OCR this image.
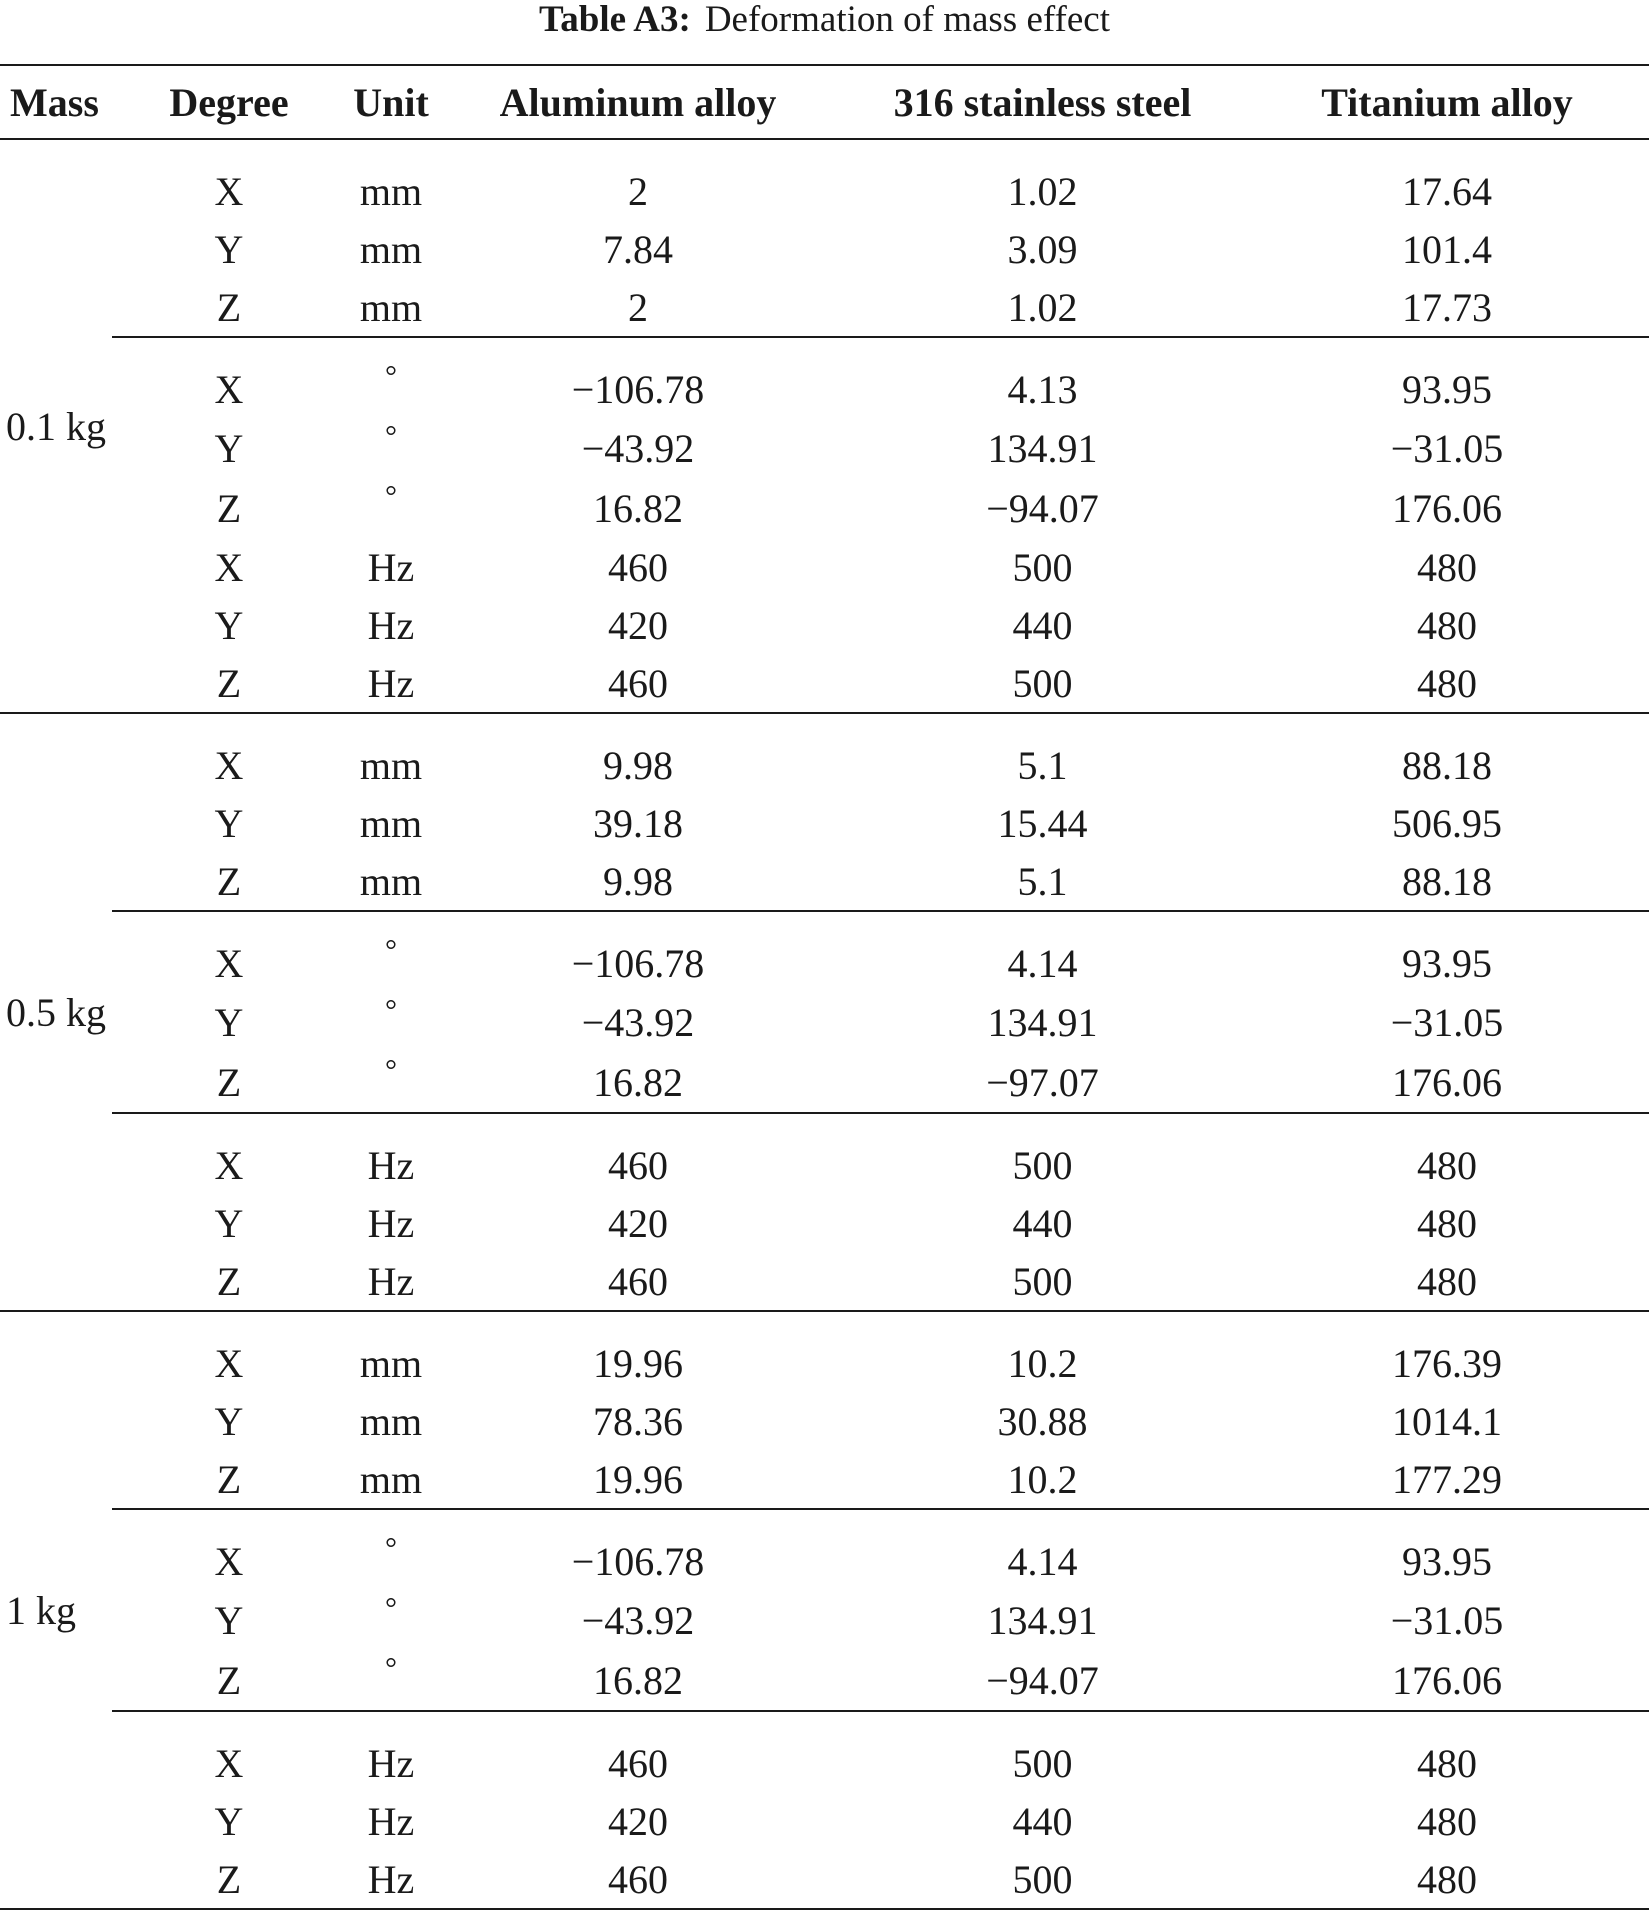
Table A3: Deformation of mass effect
Mass	Degree	Unit	Aluminum alloy	316 stainless steel	Titanium alloy
0.1 kg	X	mm	2	1.02	17.64
	Y	mm	7.84	3.09	101.4
	Z	mm	2	1.02	17.73
	X	°	−106.78	4.13	93.95
	Y	°	−43.92	134.91	−31.05
	Z	°	16.82	−94.07	176.06
	X	Hz	460	500	480
	Y	Hz	420	440	480
	Z	Hz	460	500	480
0.5 kg	X	mm	9.98	5.1	88.18
	Y	mm	39.18	15.44	506.95
	Z	mm	9.98	5.1	88.18
	X	°	−106.78	4.14	93.95
	Y	°	−43.92	134.91	−31.05
	Z	°	16.82	−97.07	176.06
	X	Hz	460	500	480
	Y	Hz	420	440	480
	Z	Hz	460	500	480
1 kg	X	mm	19.96	10.2	176.39
	Y	mm	78.36	30.88	1014.1
	Z	mm	19.96	10.2	177.29
	X	°	−106.78	4.14	93.95
	Y	°	−43.92	134.91	−31.05
	Z	°	16.82	−94.07	176.06
	X	Hz	460	500	480
	Y	Hz	420	440	480
	Z	Hz	460	500	480
